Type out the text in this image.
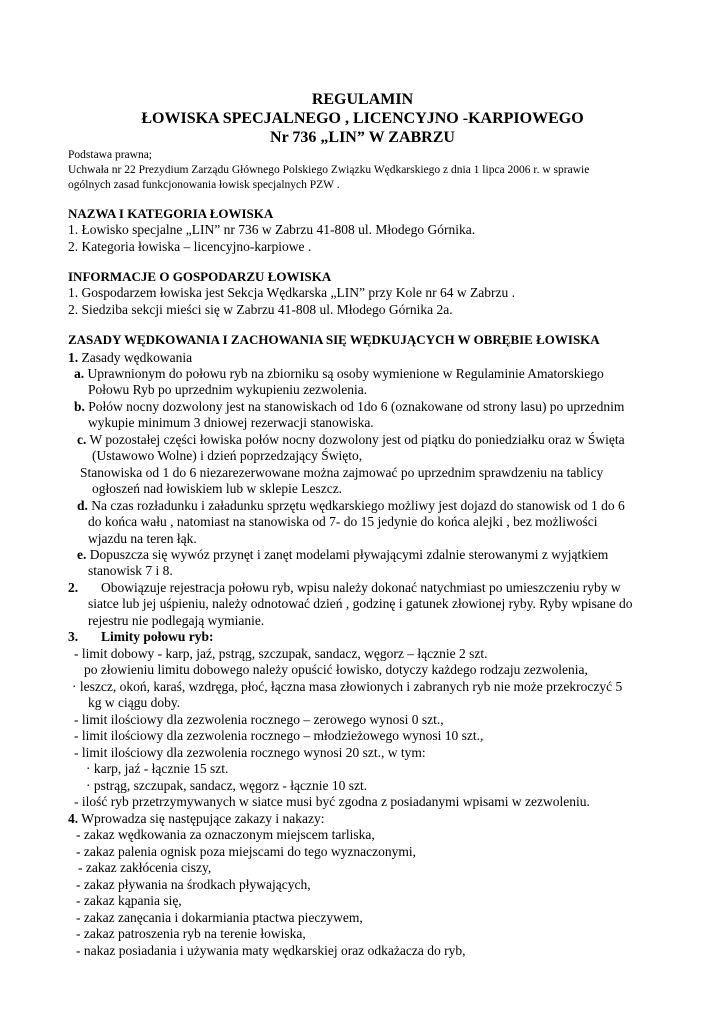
REGULAMIN
ŁOWISKA SPECJALNEGO , LICENCYJNO -KARPIOWEGO
Nr 736 „LIN” W ZABRZU
Podstawa prawna;
Uchwała nr 22 Prezydium Zarządu Głównego Polskiego Związku Wędkarskiego z dnia 1 lipca 2006 r. w sprawie
ogólnych zasad funkcjonowania łowisk specjalnych PZW .
NAZWA I KATEGORIA ŁOWISKA
1. Łowisko specjalne „LIN” nr 736 w Zabrzu 41-808 ul. Młodego Górnika.
2. Kategoria łowiska – licencyjno-karpiowe .
INFORMACJE O GOSPODARZU ŁOWISKA
1. Gospodarzem łowiska jest Sekcja Wędkarska „LIN” przy Kole nr 64 w Zabrzu .
2. Siedziba sekcji mieści się w Zabrzu 41-808 ul. Młodego Górnika 2a.
ZASADY WĘDKOWANIA I ZACHOWANIA SIĘ WĘDKUJĄCYCH W OBRĘBIE ŁOWISKA
1. Zasady wędkowania
a. Uprawnionym do połowu ryb na zbiorniku są osoby wymienione w Regulaminie Amatorskiego
Połowu Ryb po uprzednim wykupieniu zezwolenia.
b. Połów nocny dozwolony jest na stanowiskach od 1do 6 (oznakowane od strony lasu) po uprzednim
wykupie minimum 3 dniowej rezerwacji stanowiska.
c. W pozostałej części łowiska połów nocny dozwolony jest od piątku do poniedziałku oraz w Święta
(Ustawowo Wolne) i dzień poprzedzający Święto,
Stanowiska od 1 do 6 niezarezerwowane można zajmować po uprzednim sprawdzeniu na tablicy
ogłoszeń nad łowiskiem lub w sklepie Leszcz.
d. Na czas rozładunku i załadunku sprzętu wędkarskiego możliwy jest dojazd do stanowisk od 1 do 6
do końca wału , natomiast na stanowiska od 7- do 15 jedynie do końca alejki , bez możliwości
wjazdu na teren łąk.
e. Dopuszcza się wywóz przynęt i zanęt modelami pływającymi zdalnie sterowanymi z wyjątkiem
stanowisk 7 i 8.
2. Obowiązuje rejestracja połowu ryb, wpisu należy dokonać natychmiast po umieszczeniu ryby w
siatce lub jej uśpieniu, należy odnotować dzień , godzinę i gatunek złowionej ryby. Ryby wpisane do
rejestru nie podlegają wymianie.
3. Limity połowu ryb:
- limit dobowy - karp, jaź, pstrąg, szczupak, sandacz, węgorz – łącznie 2 szt.
po złowieniu limitu dobowego należy opuścić łowisko, dotyczy każdego rodzaju zezwolenia,
· leszcz, okoń, karaś, wzdręga, płoć, łączna masa złowionych i zabranych ryb nie może przekroczyć 5
kg w ciągu doby.
- limit ilościowy dla zezwolenia rocznego – zerowego wynosi 0 szt.,
- limit ilościowy dla zezwolenia rocznego – młodzieżowego wynosi 10 szt.,
- limit ilościowy dla zezwolenia rocznego wynosi 20 szt., w tym:
· karp, jaź - łącznie 15 szt.
· pstrąg, szczupak, sandacz, węgorz - łącznie 10 szt.
- ilość ryb przetrzymywanych w siatce musi być zgodna z posiadanymi wpisami w zezwoleniu.
4. Wprowadza się następujące zakazy i nakazy:
- zakaz wędkowania za oznaczonym miejscem tarliska,
- zakaz palenia ognisk poza miejscami do tego wyznaczonymi,
- zakaz zakłócenia ciszy,
- zakaz pływania na środkach pływających,
- zakaz kąpania się,
- zakaz zanęcania i dokarmiania ptactwa pieczywem,
- zakaz patroszenia ryb na terenie łowiska,
- nakaz posiadania i używania maty wędkarskiej oraz odkażacza do ryb,
